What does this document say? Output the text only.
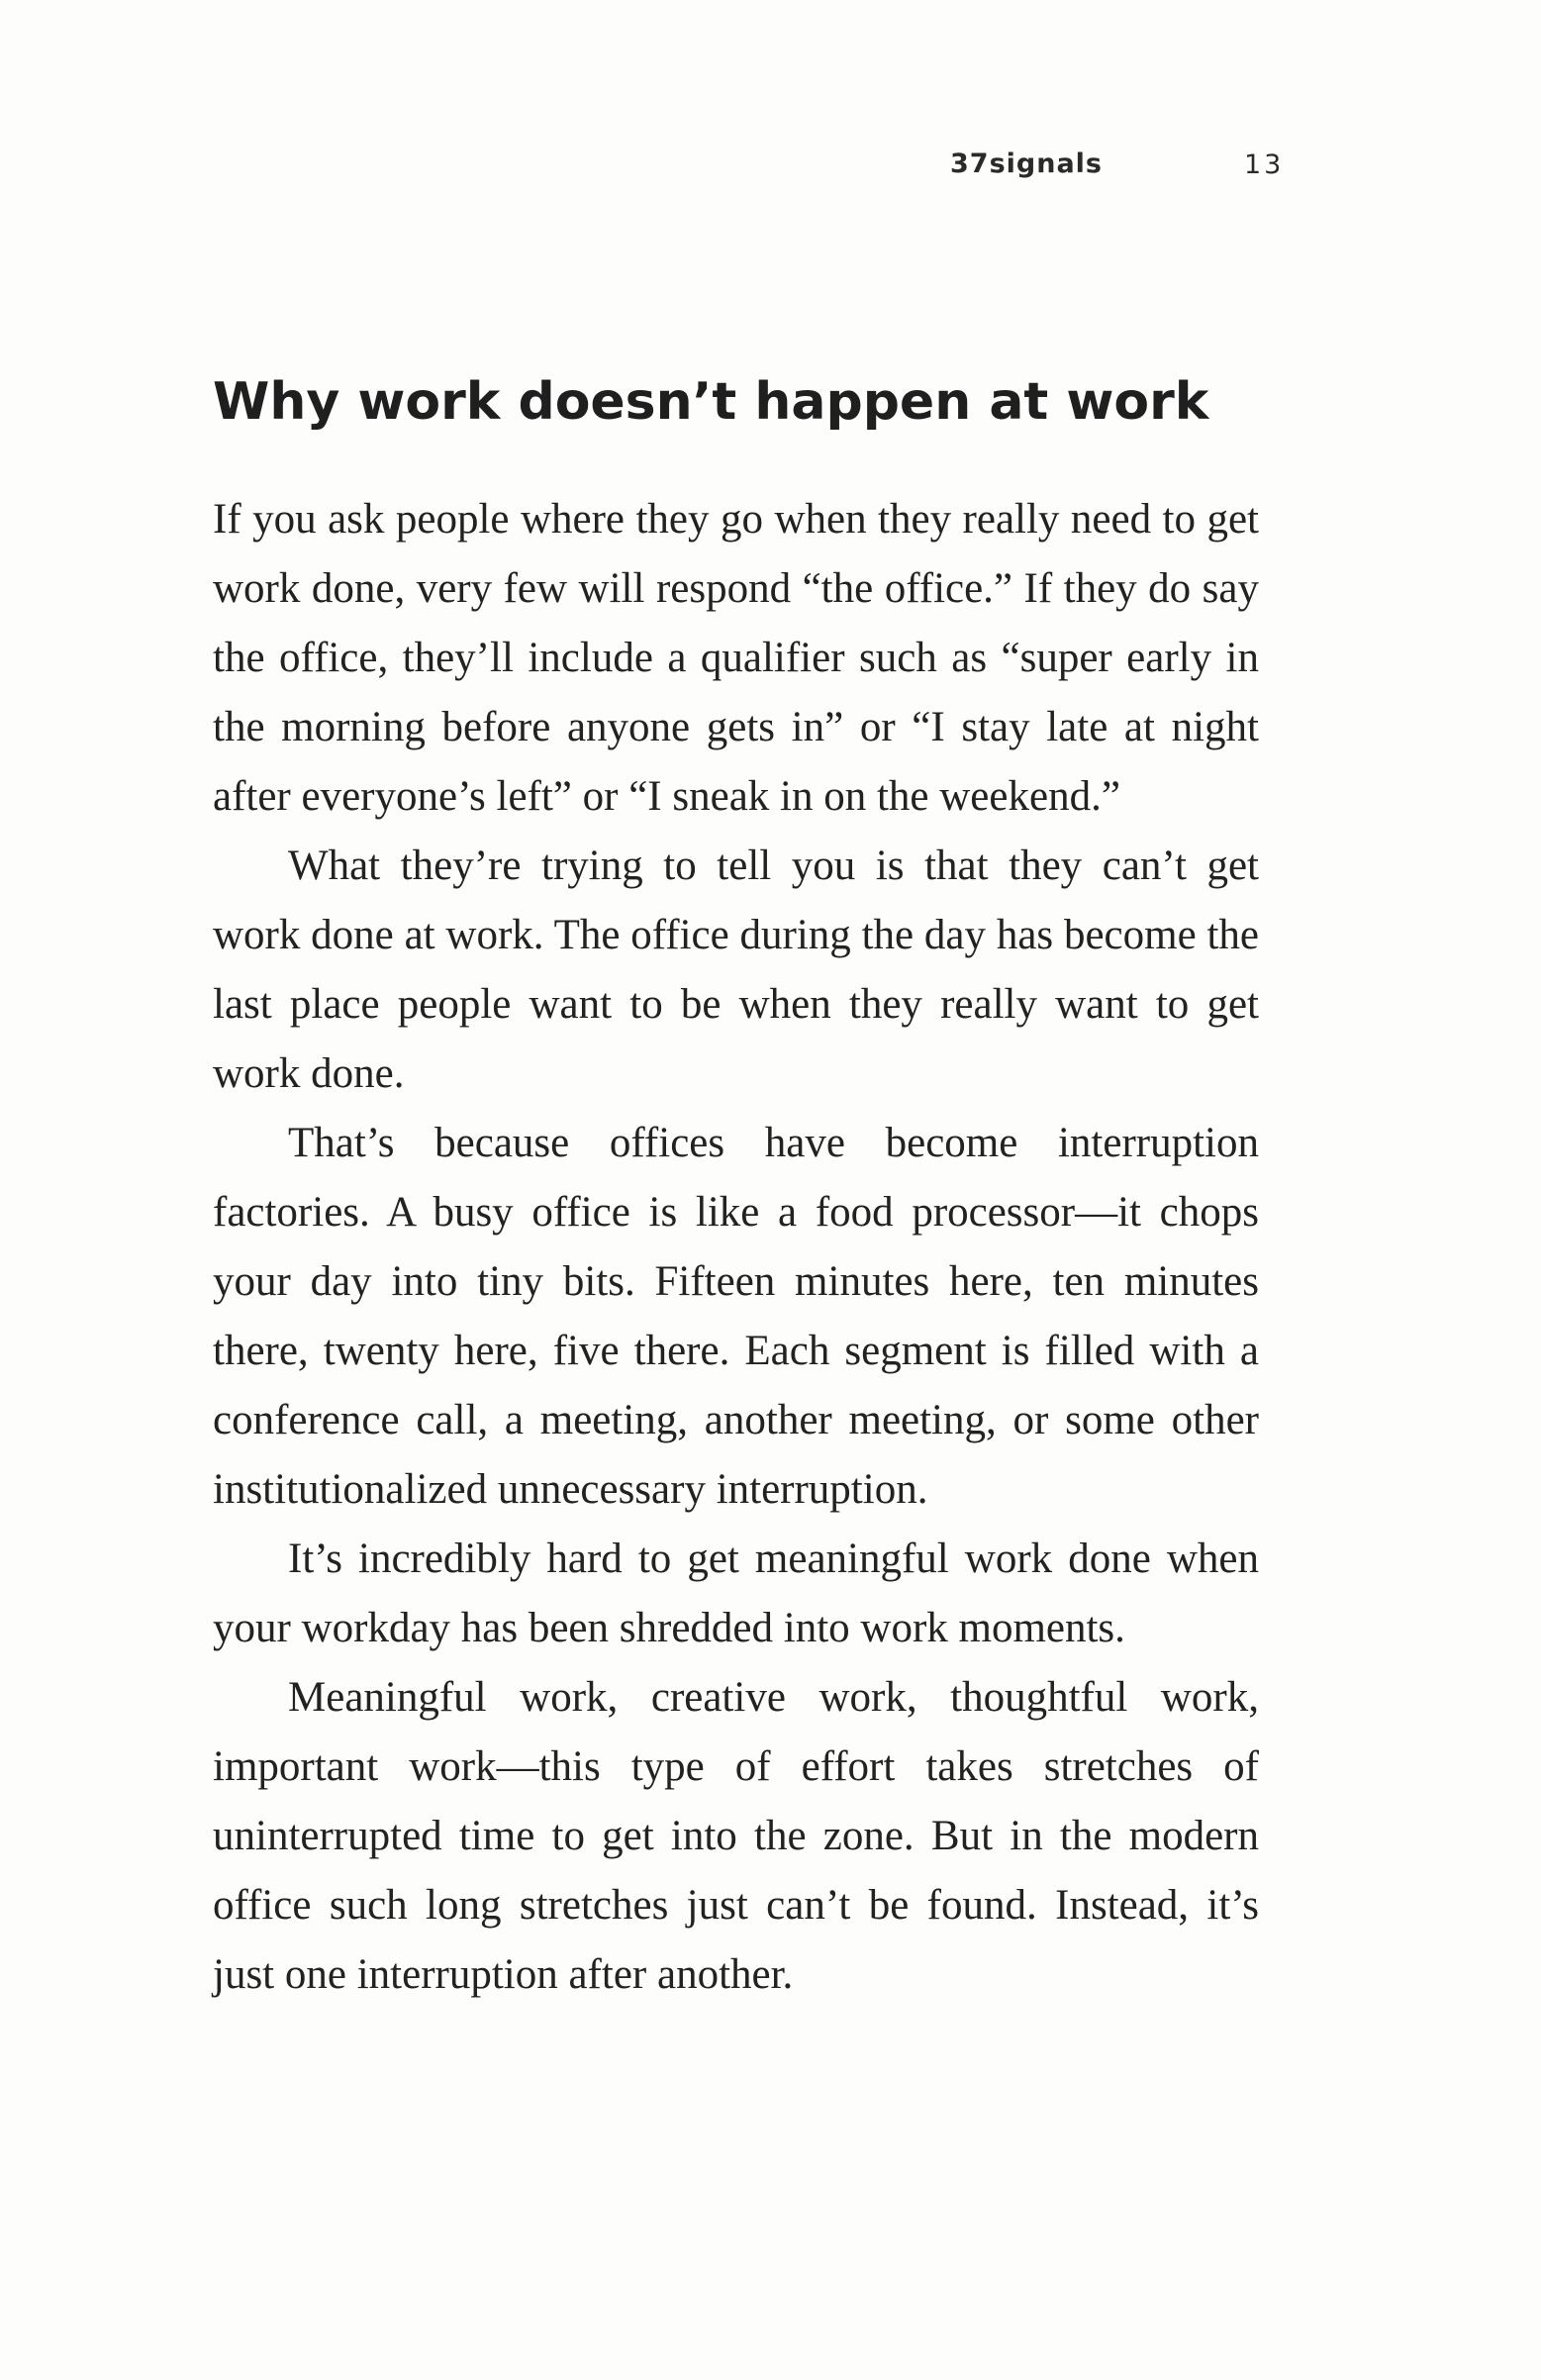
37signals	13
Why work doesn’t happen at work

If you ask people where they go when they really need to get work done, very few will respond “the office.” If they do say the office, they’ll include a qualifier such as “super early in the morning before anyone gets in” or “I stay late at night after everyone’s left” or “I sneak in on the weekend.”

What they’re trying to tell you is that they can’t get work done at work. The office during the day has become the last place people want to be when they really want to get work done.

That’s because offices have become interruption factories. A busy office is like a food processor—it chops your day into tiny bits. Fifteen minutes here, ten minutes there, twenty here, five there. Each segment is filled with a conference call, a meeting, another meeting, or some other institutionalized unnecessary interruption.

It’s incredibly hard to get meaningful work done when your workday has been shredded into work moments.

Meaningful work, creative work, thoughtful work, important work—this type of effort takes stretches of uninterrupted time to get into the zone. But in the modern office such long stretches just can’t be found. Instead, it’s just one interruption after another.
